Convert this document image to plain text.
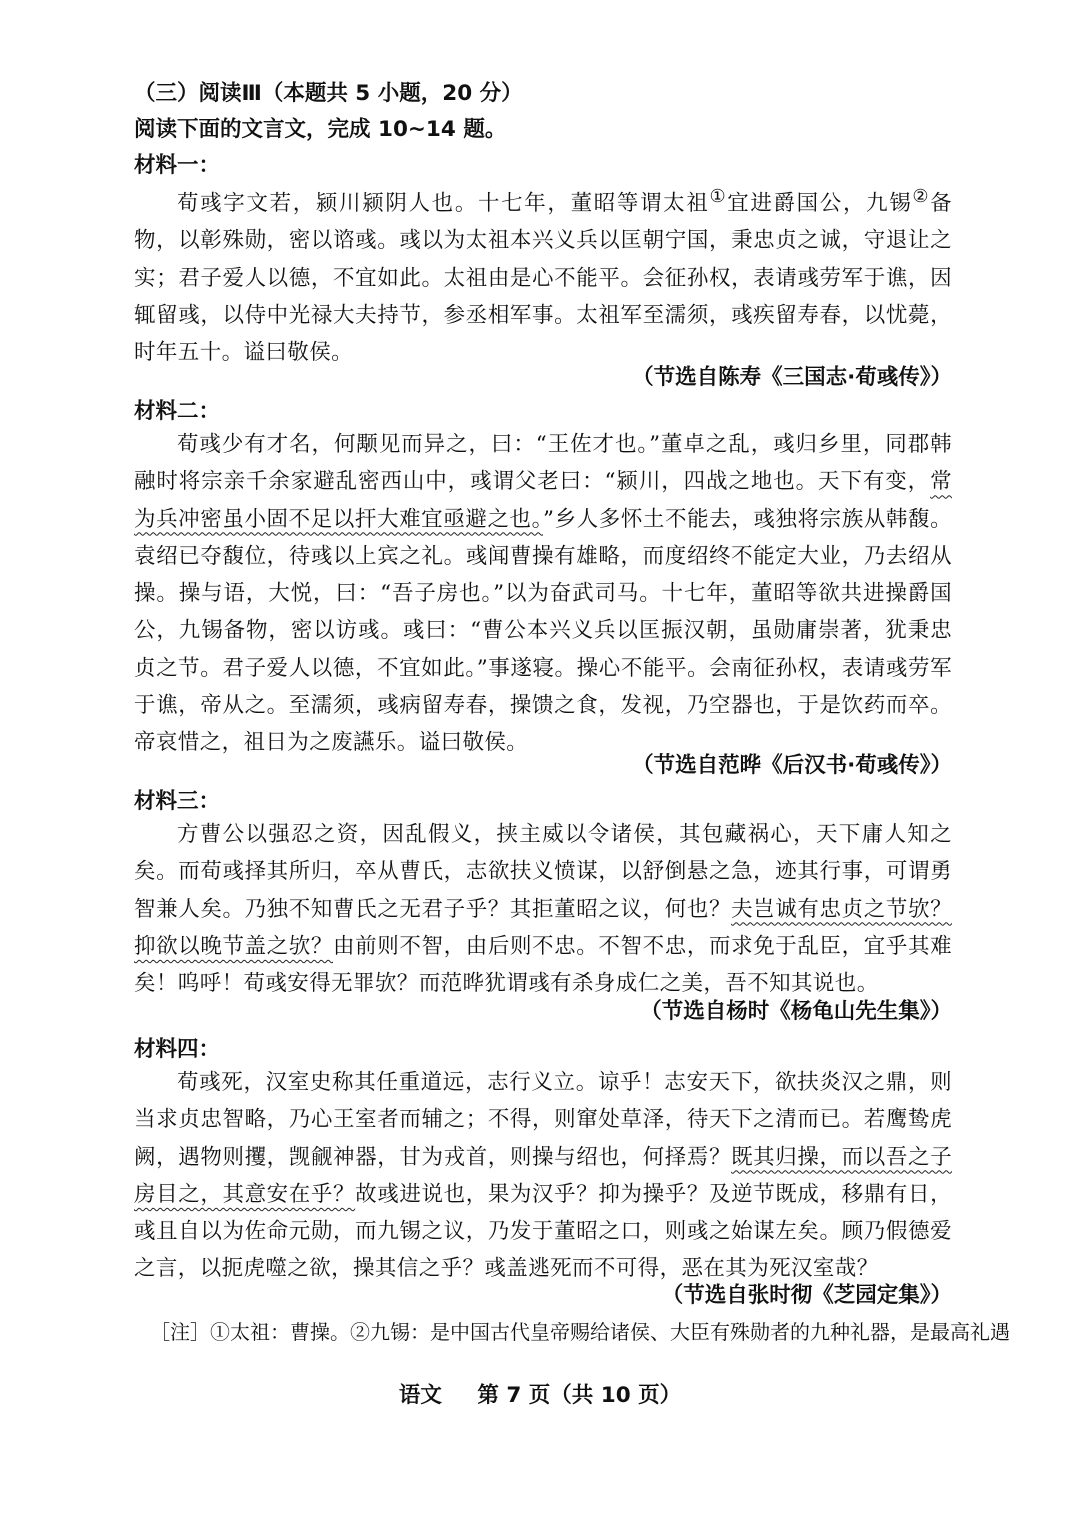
（三）阅读Ⅲ（本题共 5 小题，20 分）
阅读下面的文言文，完成 10~14 题。
材料一：
荀彧字文若，颍川颍阴人也。十七年，董昭等谓太祖①宜进爵国公，九锡②备物，以彰殊勋，密以谘彧。彧以为太祖本兴义兵以匡朝宁国，秉忠贞之诚，守退让之实；君子爱人以德，不宜如此。太祖由是心不能平。会征孙权，表请彧劳军于谯，因辄留彧，以侍中光禄大夫持节，参丞相军事。太祖军至濡须，彧疾留寿春，以忧薨，时年五十。谥曰敬侯。
（节选自陈寿《三国志·荀彧传》）
材料二：
荀彧少有才名，何颙见而异之，曰：“王佐才也。”董卓之乱，彧归乡里，同郡韩融时将宗亲千余家避乱密西山中，彧谓父老曰：“颍川，四战之地也。天下有变，常为兵冲密虽小固不足以扞大难宜亟避之也。”乡人多怀土不能去，彧独将宗族从韩馥。袁绍已夺馥位，待彧以上宾之礼。彧闻曹操有雄略，而度绍终不能定大业，乃去绍从操。操与语，大悦，曰：“吾子房也。”以为奋武司马。十七年，董昭等欲共进操爵国公，九锡备物，密以访彧。彧曰：“曹公本兴义兵以匡振汉朝，虽勋庸崇著，犹秉忠贞之节。君子爱人以德，不宜如此。”事遂寝。操心不能平。会南征孙权，表请彧劳军于谯，帝从之。至濡须，彧病留寿春，操馈之食，发视，乃空器也，于是饮药而卒。帝哀惜之，祖日为之废讌乐。谥曰敬侯。
（节选自范晔《后汉书·荀彧传》）
材料三：
方曹公以强忍之资，因乱假义，挟主威以令诸侯，其包藏祸心，天下庸人知之矣。而荀彧择其所归，卒从曹氏，志欲扶义愤谋，以舒倒悬之急，迹其行事，可谓勇智兼人矣。乃独不知曹氏之无君子乎？其拒董昭之议，何也？夫岂诚有忠贞之节欤？抑欲以晚节盖之欤？由前则不智，由后则不忠。不智不忠，而求免于乱臣，宜乎其难矣！呜呼！荀彧安得无罪欤？而范晔犹谓彧有杀身成仁之美，吾不知其说也。
（节选自杨时《杨龟山先生集》）
材料四：
荀彧死，汉室史称其任重道远，志行义立。谅乎！志安天下，欲扶炎汉之鼎，则当求贞忠智略，乃心王室者而辅之；不得，则窜处草泽，待天下之清而已。若鹰鸷虎阙，遇物则攫，觊觎神器，甘为戎首，则操与绍也，何择焉？既其归操，而以吾之子房目之，其意安在乎？故彧进说也，果为汉乎？抑为操乎？及逆节既成，移鼎有日，彧且自以为佐命元勋，而九锡之议，乃发于董昭之口，则彧之始谋左矣。顾乃假德爱之言，以扼虎噬之欲，操其信之乎？彧盖逃死而不可得，恶在其为死汉室哉？
（节选自张时彻《芝园定集》）
［注］①太祖：曹操。②九锡：是中国古代皇帝赐给诸侯、大臣有殊勋者的九种礼器，是最高礼遇
语文 第 7 页（共 10 页）
